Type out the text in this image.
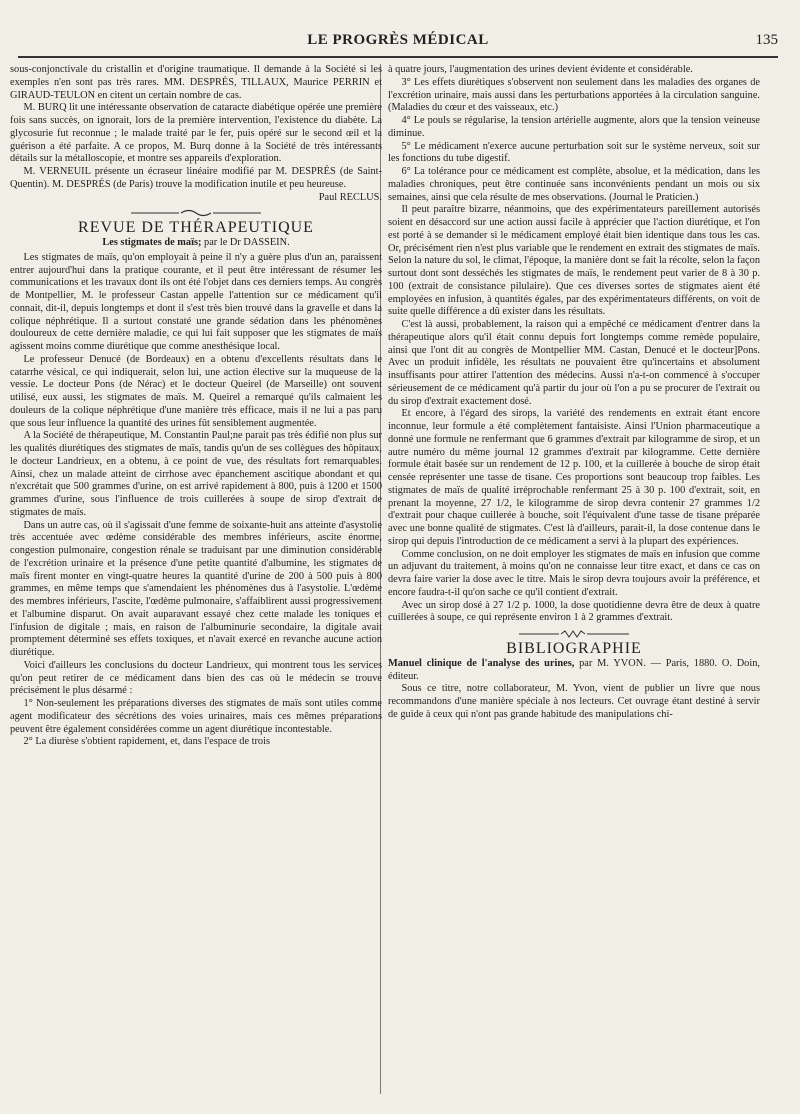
LE PROGRÈS MÉDICAL	135

sous-conjonctivale du cristallin et d'origine traumatique. Il demande à la Société si les exemples n'en sont pas très rares. MM. DESPRÉS, TILLAUX, Maurice PERRIN et GIRAUD-TEULON en citent un certain nombre de cas.

M. BURQ lit une intéressante observation de cataracte diabétique opérée une première fois sans succès, on ignorait, lors de la première intervention, l'existence du diabète. La glycosurie fut reconnue ; le malade traité par le fer, puis opéré sur le second œil et la guérison a été parfaite. A ce propos, M. Burq donne à la Société de très intéressants détails sur la métalloscopie, et montre ses appareils d'exploration.

M. VERNEUIL présente un écraseur linéaire modifié par M. DESPRÉS (de Saint-Quentin). M. DESPRÉS (de Paris) trouve la modification inutile et peu heureuse.

Paul RECLUS.

REVUE DE THÉRAPEUTIQUE
Les stigmates de maïs; par le Dr DASSEIN.

Les stigmates de maïs, qu'on employait à peine il n'y a guère plus d'un an, paraissent entrer aujourd'hui dans la pratique courante, et il peut être intéressant de résumer les communications et les travaux dont ils ont été l'objet dans ces derniers temps. Au congrès de Montpellier, M. le professeur Castan appelle l'attention sur ce médicament qu'il connait, dit-il, depuis longtemps et dont il s'est très bien trouvé dans la gravelle et dans la colique néphrétique. Il a surtout constaté une grande sédation dans les phénomènes douloureux de cette dernière maladie, ce qui lui fait supposer que les stigmates de maïs agissent moins comme diurétique que comme anesthésique local.

Le professeur Denucé (de Bordeaux) en a obtenu d'excellents résultats dans le catarrhe vésical, ce qui indiquerait, selon lui, une action élective sur la muqueuse de la vessie. Le docteur Pons (de Nérac) et le docteur Queirel (de Marseille) ont souvent utilisé, eux aussi, les stigmates de maïs. M. Queirel a remarqué qu'ils calmaient les douleurs de la colique néphrétique d'une manière très efficace, mais il ne lui a pas paru que sous leur influence la quantité des urines fût sensiblement augmentée.

A la Société de thérapeutique, M. Constantin Paul;ne parait pas très édifié non plus sur les qualités diurétiques des stigmates de maïs, tandis qu'un de ses collègues des hôpitaux, le docteur Landrieux, en a obtenu, à ce point de vue, des résultats fort remarquables. Ainsi, chez un malade atteint de cirrhose avec épanchement ascitique abondant et qui n'excrétait que 500 grammes d'urine, on est arrivé rapidement à 800, puis à 1200 et 1500 grammes d'urine, sous l'influence de trois cuillerées à soupe de sirop d'extrait de stigmates de maïs.

Dans un autre cas, où il s'agissait d'une femme de soixante-huit ans atteinte d'asystolie très accentuée avec œdème considérable des membres inférieurs, ascite énorme, congestion pulmonaire, congestion rénale se traduisant par une diminution considérable de l'excrétion urinaire et la présence d'une petite quantité d'albumine, les stigmates de maïs firent monter en vingt-quatre heures la quantité d'urine de 200 à 500 puis à 800 grammes, en même temps que s'amendaient les phénomènes dus à l'asystolie. L'œdème des membres inférieurs, l'ascite, l'œdème pulmonaire, s'affaiblirent aussi progressivement et l'albumine disparut. On avait auparavant essayé chez cette malade les toniques et l'infusion de digitale ; mais, en raison de l'albuminurie secondaire, la digitale avait promptement déterminé ses effets toxiques, et n'avait exercé en revanche aucune action diurétique.

Voici d'ailleurs les conclusions du docteur Landrieux, qui montrent tous les services qu'on peut retirer de ce médicament dans bien des cas où le médecin se trouve précisément le plus désarmé :

1° Non-seulement les préparations diverses des stigmates de maïs sont utiles comme agent modificateur des sécrétions des voies urinaires, mais ces mêmes préparations peuvent être également considérées comme un agent diurétique incontestable.

2° La diurèse s'obtient rapidement, et, dans l'espace de trois

à quatre jours, l'augmentation des urines devient évidente et considérable.

3° Les effets diurétiques s'observent non seulement dans les maladies des organes de l'excrétion urinaire, mais aussi dans les perturbations apportées à la circulation sanguine. (Maladies du cœur et des vaisseaux, etc.)

4° Le pouls se régularise, la tension artérielle augmente, alors que la tension veineuse diminue.

5° Le médicament n'exerce aucune perturbation soit sur le système nerveux, soit sur les fonctions du tube digestif.

6° La tolérance pour ce médicament est complète, absolue, et la médication, dans les maladies chroniques, peut être continuée sans inconvénients pendant un mois ou six semaines, ainsi que cela résulte de mes observations. (Journal le Praticien.)

Il peut paraître bizarre, néanmoins, que des expérimentateurs pareillement autorisés soient en désaccord sur une action aussi facile à apprécier que l'action diurétique, et l'on est porté à se demander si le médicament employé était bien identique dans tous les cas. Or, précisément rien n'est plus variable que le rendement en extrait des stigmates de maïs. Selon la nature du sol, le climat, l'époque, la manière dont se fait la récolte, selon la façon surtout dont sont desséchés les stigmates de maïs, le rendement peut varier de 8 à 30 p. 100 (extrait de consistance pilulaire). Que ces diverses sortes de stigmates aient été employées en infusion, à quantités égales, par des expérimentateurs différents, on voit de suite quelle différence a dû exister dans les résultats.

C'est là aussi, probablement, la raison qui a empêché ce médicament d'entrer dans la thérapeutique alors qu'il était connu depuis fort longtemps comme remède populaire, ainsi que l'ont dit au congrès de Montpellier MM. Castan, Denucé et le docteur]Pons. Avec un produit infidèle, les résultats ne pouvaient être qu'incertains et absolument insuffisants pour attirer l'attention des médecins. Aussi n'a-t-on commencé à s'occuper sérieusement de ce médicament qu'à partir du jour où l'on a pu se procurer de l'extrait ou du sirop d'extrait exactement dosé.

Et encore, à l'égard des sirops, la variété des rendements en extrait étant encore inconnue, leur formule a été complètement fantaisiste. Ainsi l'Union pharmaceutique a donné une formule ne renfermant que 6 grammes d'extrait par kilogramme de sirop, et un autre numéro du même journal 12 grammes d'extrait par kilogramme. Cette dernière formule était basée sur un rendement de 12 p. 100, et la cuillerée à bouche de sirop était censée représenter une tasse de tisane. Ces proportions sont beaucoup trop faibles. Les stigmates de maïs de qualité irréprochable renfermant 25 à 30 p. 100 d'extrait, soit, en prenant la moyenne, 27 1/2, le kilogramme de sirop devra contenir 27 grammes 1/2 d'extrait pour chaque cuillerée à bouche, soit l'équivalent d'une tasse de tisane préparée avec une bonne qualité de stigmates. C'est là d'ailleurs, parait-il, la dose contenue dans le sirop qui depuis l'introduction de ce médicament a servi à la plupart des expériences.

Comme conclusion, on ne doit employer les stigmates de maïs en infusion que comme un adjuvant du traitement, à moins qu'on ne connaisse leur titre exact, et dans ce cas on devra faire varier la dose avec le titre. Mais le sirop devra toujours avoir la préférence, et encore faudra-t-il qu'on sache ce qu'il contient d'extrait.

Avec un sirop dosé à 27 1/2 p. 1000, la dose quotidienne devra être de deux à quatre cuillerées à soupe, ce qui représente environ 1 à 2 grammes d'extrait.

BIBLIOGRAPHIE

Manuel clinique de l'analyse des urines, par M. YVON. — Paris, 1880. O. Doin, éditeur.

Sous ce titre, notre collaborateur, M. Yvon, vient de publier un livre que nous recommandons d'une manière spéciale à nos lecteurs. Cet ouvrage étant destiné à servir de guide à ceux qui n'ont pas grande habitude des manipulations chi-
